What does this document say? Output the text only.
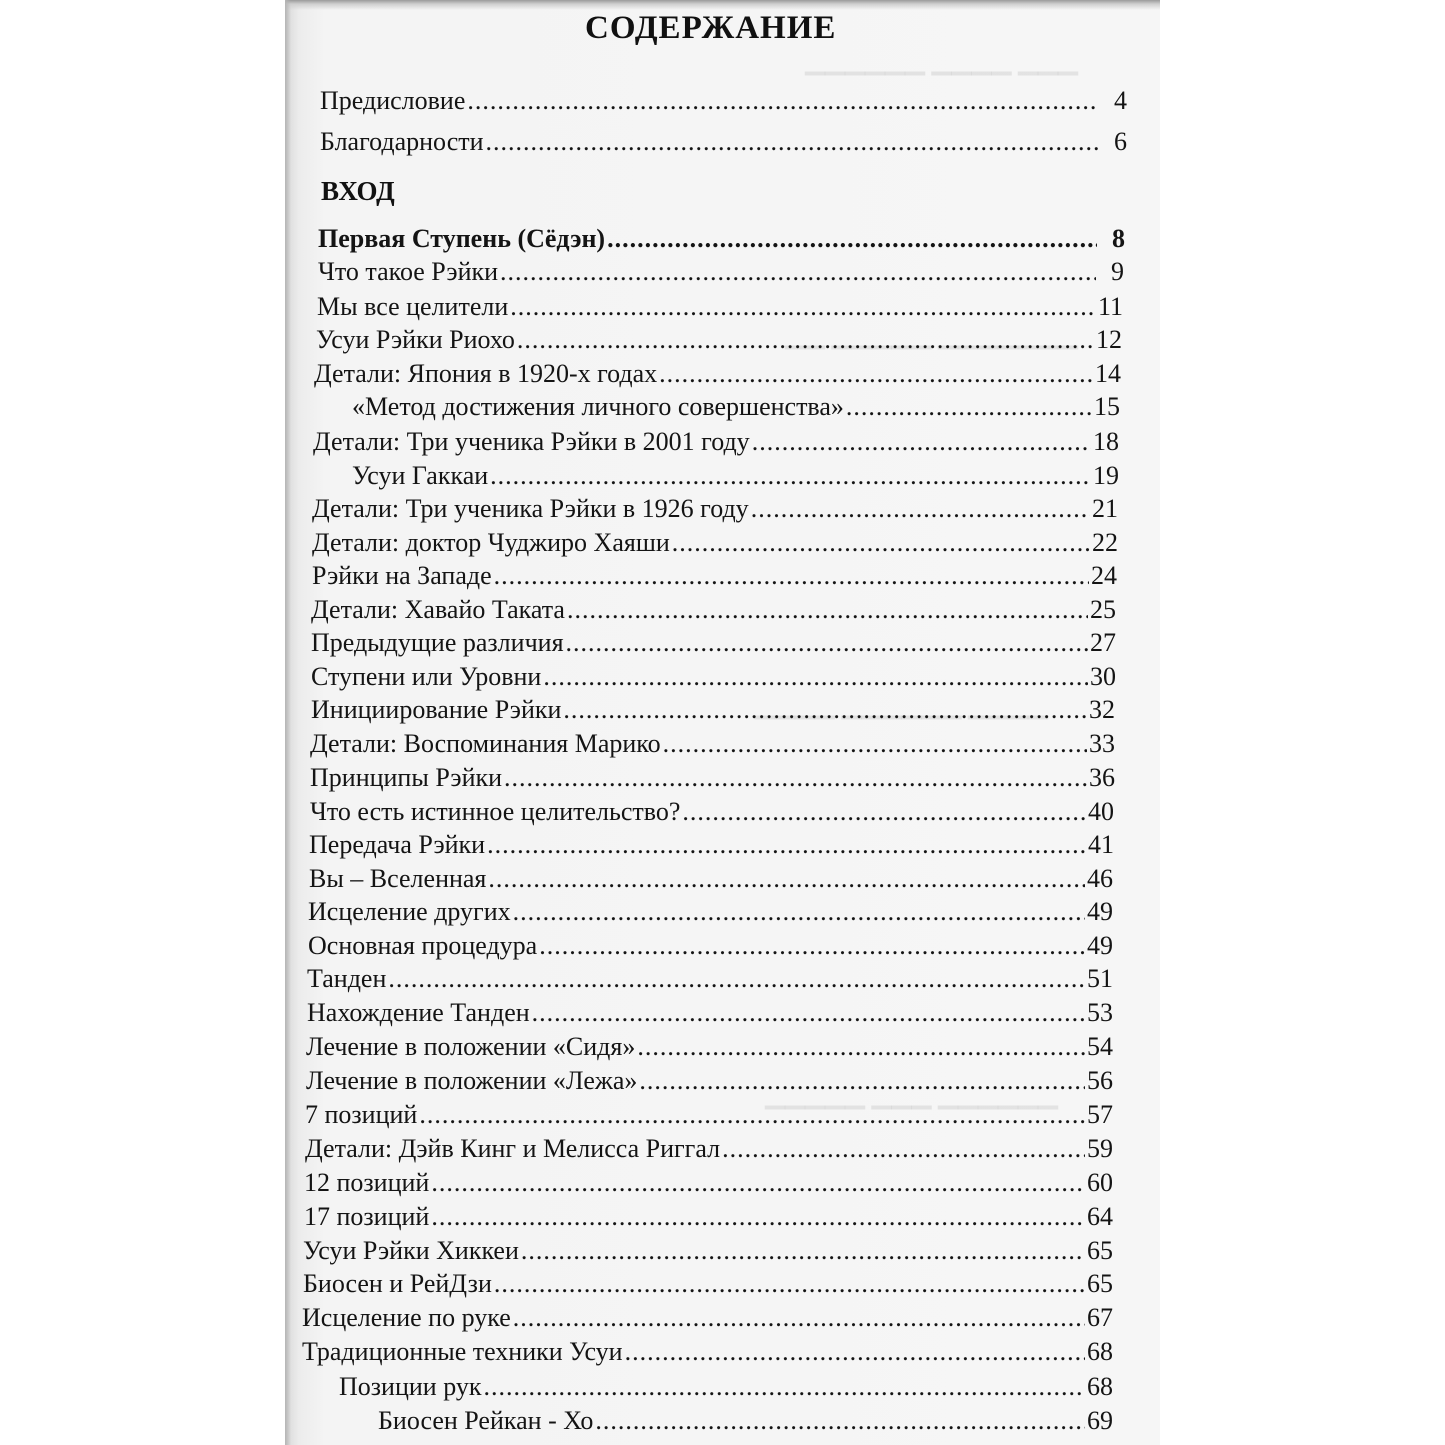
▁▁▁ ▁▁▁▁ ▁▁▁▁▁▁
▁▁▁▁▁▁▁ ▁▁▁▁▁ ▁▁
▁▁▁▁ ▁▁▁▁▁▁ ▁▁▁▁
▁▁▁▁▁▁ ▁▁▁ ▁▁▁▁▁
СОДЕРЖАНИЕ
Предисловие .....	4
Благодарности .....	6
Первая Ступень (Сёдэн) .....	8
Что такое Рэйки .....	9
Мы все целители .....	11
Усуи Рэйки Риохо .....	12
Детали: Япония в 1920-х годах .....	14
«Метод достижения личного совершенства» .....	15
Детали: Три ученика Рэйки в 2001 году .....	18
Усуи Гаккаи .....	19
Детали: Три ученика Рэйки в 1926 году .....	21
Детали: доктор Чуджиро Хаяши .....	22
Рэйки на Западе .....	24
Детали: Хавайо Таката .....	25
Предыдущие различия .....	27
Ступени или Уровни .....	30
Инициирование Рэйки .....	32
Детали: Воспоминания Марико .....	33
Принципы Рэйки .....	36
Что есть истинное целительство? .....	40
Передача Рэйки .....	41
Вы – Вселенная .....	46
Исцеление других .....	49
Основная процедура .....	49
Танден .....	51
Нахождение Танден .....	53
Лечение в положении «Сидя» .....	54
Лечение в положении «Лежа» .....	56
7 позиций .....	57
Детали: Дэйв Кинг и Мелисса Риггал .....	59
12 позиций .....	60
17 позиций .....	64
Усуи Рэйки Хиккеи .....	65
Биосен и РейДзи .....	65
Исцеление по руке .....	67
Традиционные техники Усуи .....	68
Позиции рук .....	68
Биосен Рейкан - Хо .....	69
ВХОД
